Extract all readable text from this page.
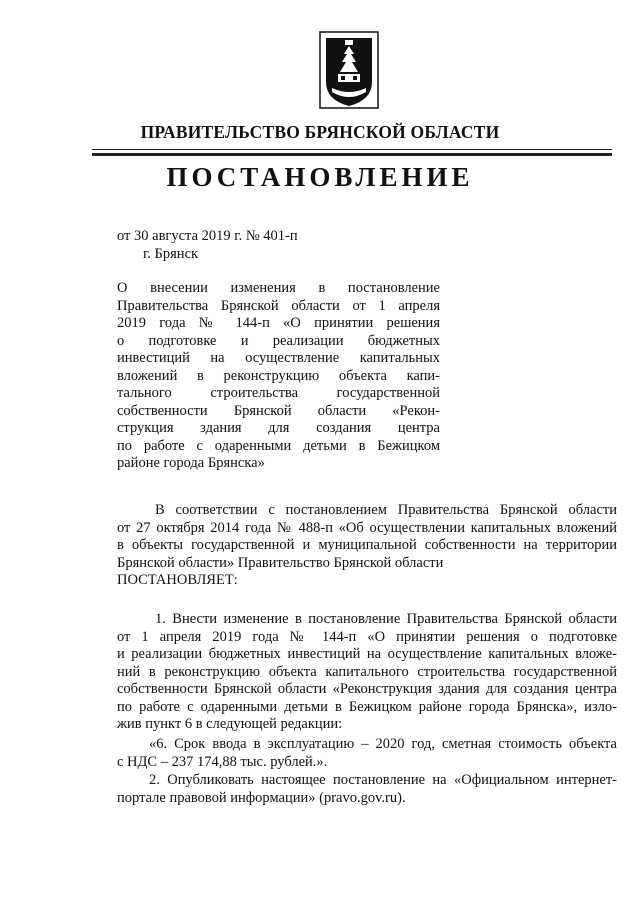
ПРАВИТЕЛЬСТВО БРЯНСКОЙ ОБЛАСТИ
ПОСТАНОВЛЕНИЕ
от 30 августа 2019 г. № 401-п
г. Брянск
О внесении изменения в постановление
Правительства Брянской области от 1 апреля
2019 года № 144-п «О принятии решения
о подготовке и реализации бюджетных
инвестиций на осуществление капитальных
вложений в реконструкцию объекта капи-
тального строительства государственной
собственности Брянской области «Рекон-
струкция здания для создания центра
по работе с одаренными детьми в Бежицком
районе города Брянска»
В соответствии с постановлением Правительства Брянской области
от 27 октября 2014 года № 488-п «Об осуществлении капитальных вложений
в объекты государственной и муниципальной собственности на территории
Брянской области» Правительство Брянской области
ПОСТАНОВЛЯЕТ:
1. Внести изменение в постановление Правительства Брянской области
от 1 апреля 2019 года № 144-п «О принятии решения о подготовке
и реализации бюджетных инвестиций на осуществление капитальных вложе-
ний в реконструкцию объекта капитального строительства государственной
собственности Брянской области «Реконструкция здания для создания центра
по работе с одаренными детьми в Бежицком районе города Брянска», изло-
жив пункт 6 в следующей редакции:
«6. Срок ввода в эксплуатацию – 2020 год, сметная стоимость объекта
с НДС – 237 174,88 тыс. рублей.».
2. Опубликовать настоящее постановление на «Официальном интернет-
портале правовой информации» (pravo.gov.ru).
